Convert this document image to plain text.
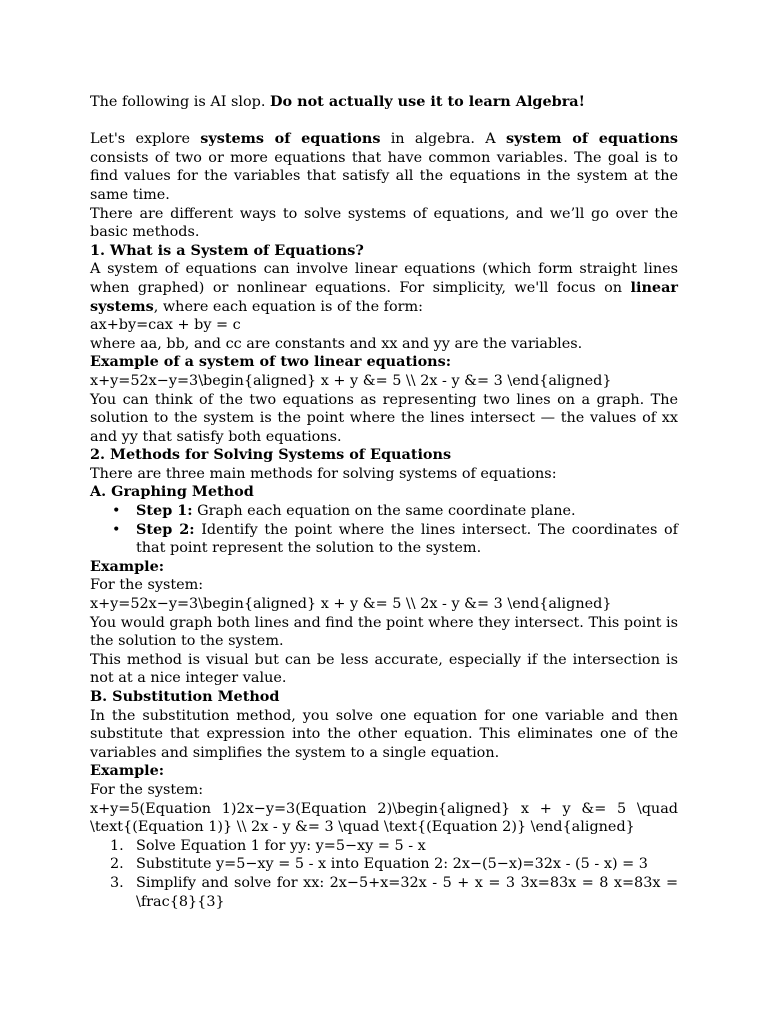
The following is AI slop. Do not actually use it to learn Algebra!

Let's explore systems of equations in algebra. A system of equations consists of two or more equations that have common variables. The goal is to find values for the variables that satisfy all the equations in the system at the same time.

There are different ways to solve systems of equations, and we’ll go over the basic methods.

1. What is a System of Equations?

A system of equations can involve linear equations (which form straight lines when graphed) or nonlinear equations. For simplicity, we'll focus on linear systems, where each equation is of the form:

ax+by=cax + by = c

where aa, bb, and cc are constants and xx and yy are the variables.

Example of a system of two linear equations:

x+y=52x−y=3\begin{aligned} x + y &= 5 \\ 2x - y &= 3 \end{aligned}

You can think of the two equations as representing two lines on a graph. The solution to the system is the point where the lines intersect — the values of xx and yy that satisfy both equations.

2. Methods for Solving Systems of Equations

There are three main methods for solving systems of equations:

A. Graphing Method

• Step 1: Graph each equation on the same coordinate plane.
• Step 2: Identify the point where the lines intersect. The coordinates of that point represent the solution to the system.

Example:

For the system:

x+y=52x−y=3\begin{aligned} x + y &= 5 \\ 2x - y &= 3 \end{aligned}

You would graph both lines and find the point where they intersect. This point is the solution to the system.

This method is visual but can be less accurate, especially if the intersection is not at a nice integer value.

B. Substitution Method

In the substitution method, you solve one equation for one variable and then substitute that expression into the other equation. This eliminates one of the variables and simplifies the system to a single equation.

Example:

For the system:

x+y=5(Equation 1)2x−y=3(Equation 2)\begin{aligned} x + y &= 5 \quad \text{(Equation 1)} \\ 2x - y &= 3 \quad \text{(Equation 2)} \end{aligned}

1. Solve Equation 1 for yy: y=5−xy = 5 - x
2. Substitute y=5−xy = 5 - x into Equation 2: 2x−(5−x)=32x - (5 - x) = 3
3. Simplify and solve for xx: 2x−5+x=32x - 5 + x = 3 3x=83x = 8 x=83x = \frac{8}{3}
